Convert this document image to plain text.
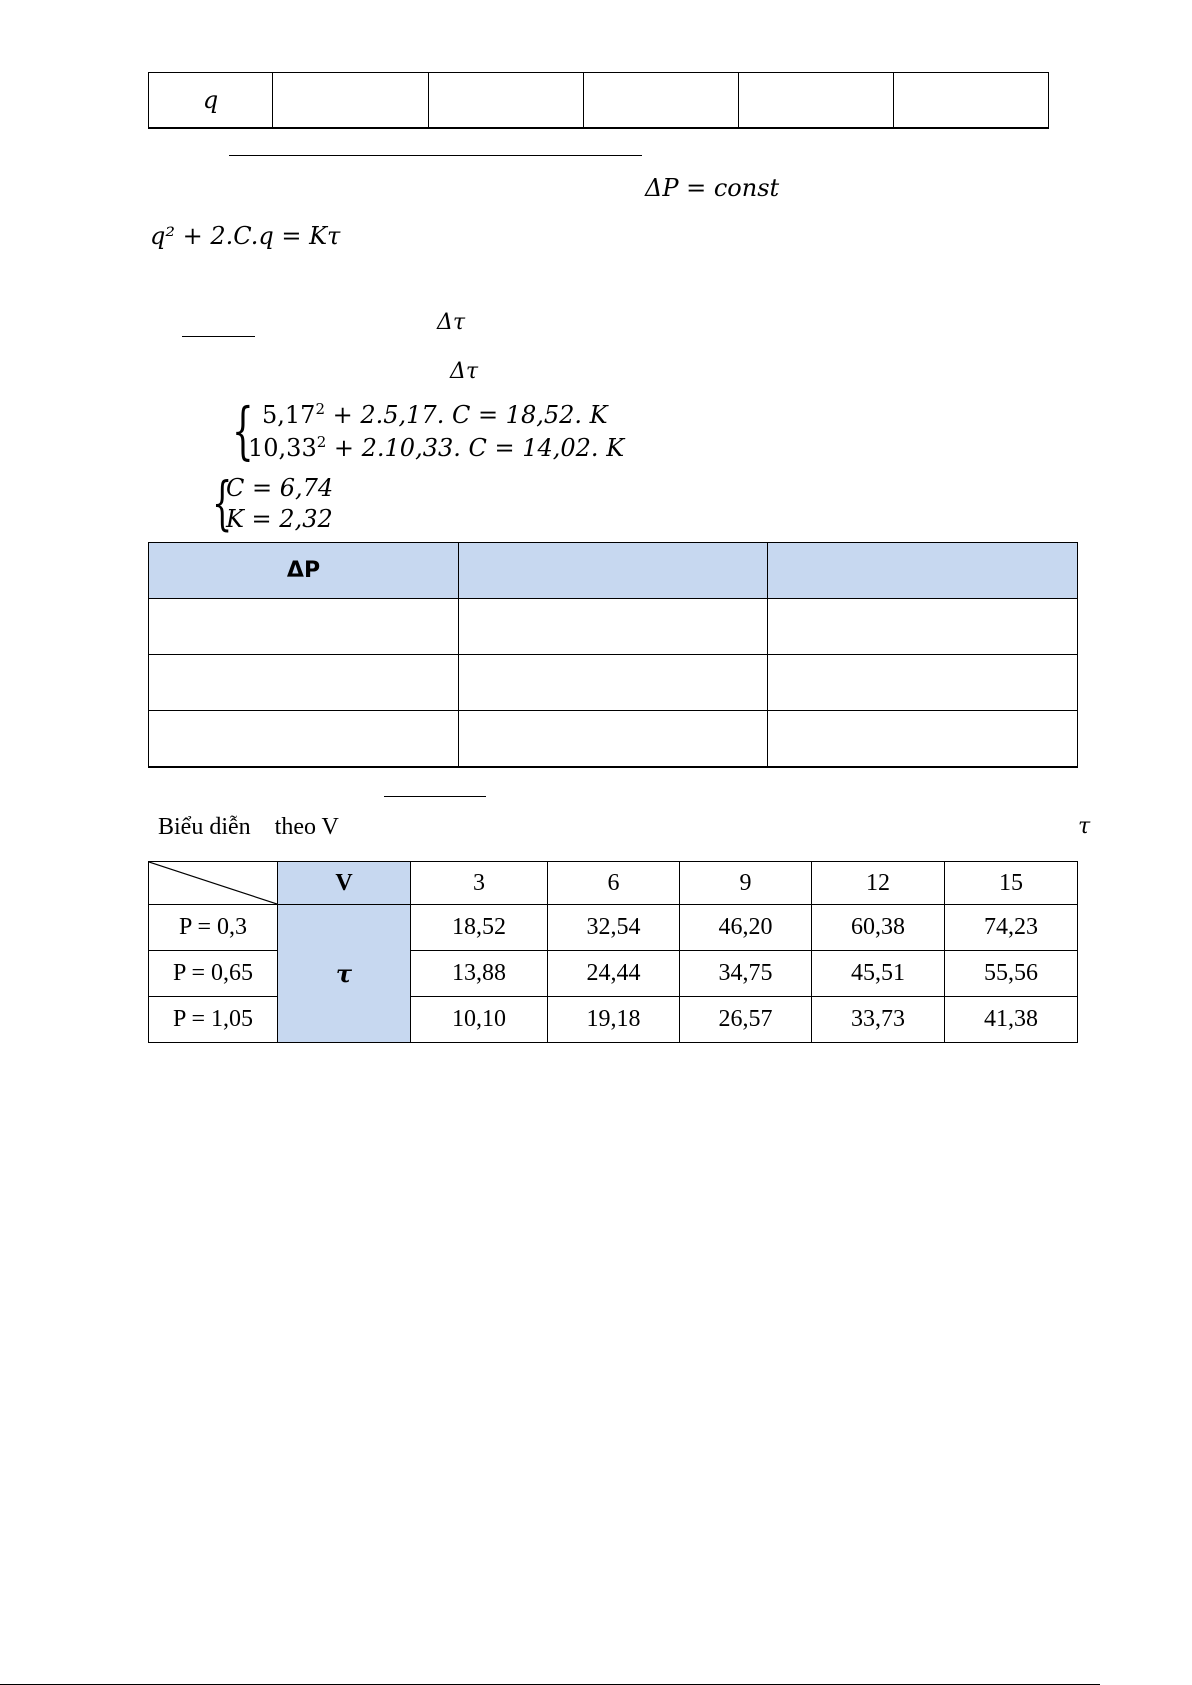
q					
ΔP = const
q² + 2.C.q = Kτ
Δτ
Δτ
{ $5,17^2 + 2.5,17$. C = 18,52. K
$10,33^2 + 2.10,33$. C = 14,02. K
{
C = 6,74
K = 2,32
ΔP		

Biểu diễn    theo V	τ
	V	3	6	9	12	15
P = 0,3	τ	18,52	32,54	46,20	60,38	74,23
P = 0,65		13,88	24,44	34,75	45,51	55,56
P = 1,05		10,10	19,18	26,57	33,73	41,38
